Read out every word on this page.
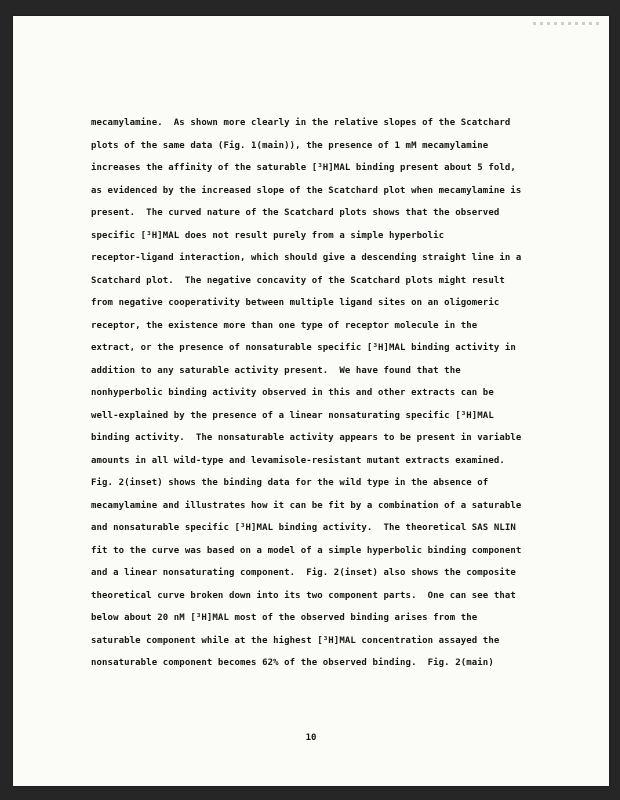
mecamylamine.  As shown more clearly in the relative slopes of the Scatchard
plots of the same data (Fig. 1(main)), the presence of 1 mM mecamylamine
increases the affinity of the saturable [³H]MAL binding present about 5 fold,
as evidenced by the increased slope of the Scatchard plot when mecamylamine is
present.  The curved nature of the Scatchard plots shows that the observed
specific [³H]MAL does not result purely from a simple hyperbolic
receptor-ligand interaction, which should give a descending straight line in a
Scatchard plot.  The negative concavity of the Scatchard plots might result
from negative cooperativity between multiple ligand sites on an oligomeric
receptor, the existence more than one type of receptor molecule in the
extract, or the presence of nonsaturable specific [³H]MAL binding activity in
addition to any saturable activity present.  We have found that the
nonhyperbolic binding activity observed in this and other extracts can be
well-explained by the presence of a linear nonsaturating specific [³H]MAL
binding activity.  The nonsaturable activity appears to be present in variable
amounts in all wild-type and levamisole-resistant mutant extracts examined.
Fig. 2(inset) shows the binding data for the wild type in the absence of
mecamylamine and illustrates how it can be fit by a combination of a saturable
and nonsaturable specific [³H]MAL binding activity.  The theoretical SAS NLIN
fit to the curve was based on a model of a simple hyperbolic binding component
and a linear nonsaturating component.  Fig. 2(inset) also shows the composite
theoretical curve broken down into its two component parts.  One can see that
below about 20 nM [³H]MAL most of the observed binding arises from the
saturable component while at the highest [³H]MAL concentration assayed the
nonsaturable component becomes 62% of the observed binding.  Fig. 2(main)
10
